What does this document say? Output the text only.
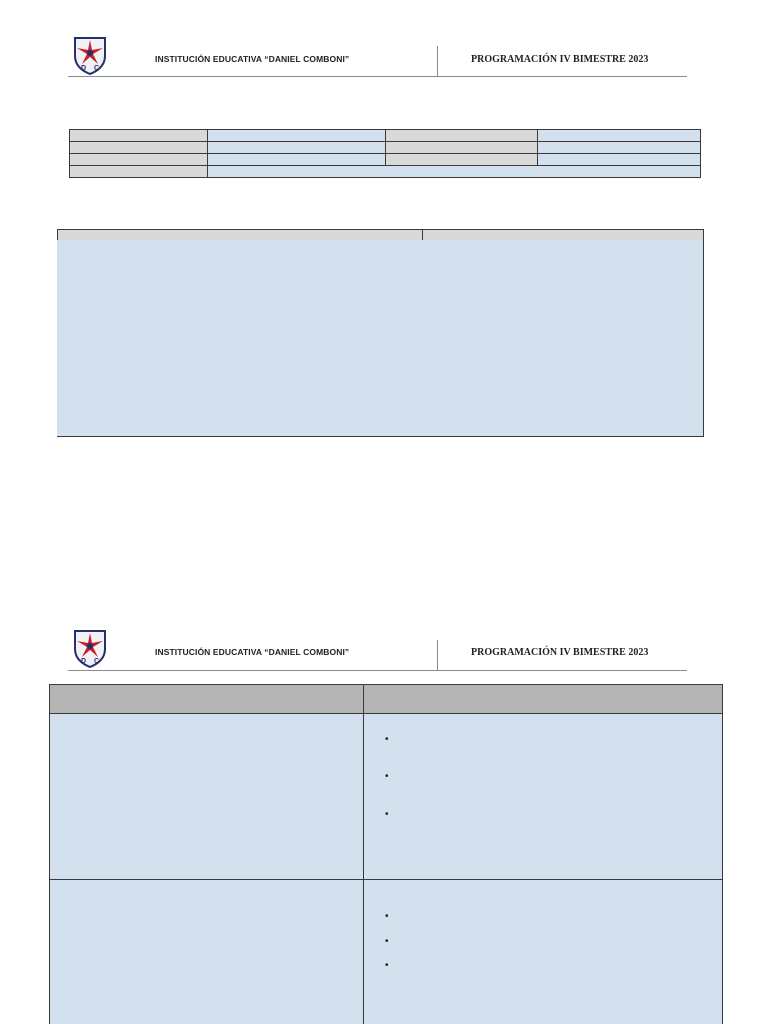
D C
INSTITUCIÓN EDUCATIVA “DANIEL COMBONI”	PROGRAMACIÓN IV BIMESTRE 2023

D C
INSTITUCIÓN EDUCATIVA “DANIEL COMBONI”	PROGRAMACIÓN IV BIMESTRE 2023
•
•
•
•
•
•
